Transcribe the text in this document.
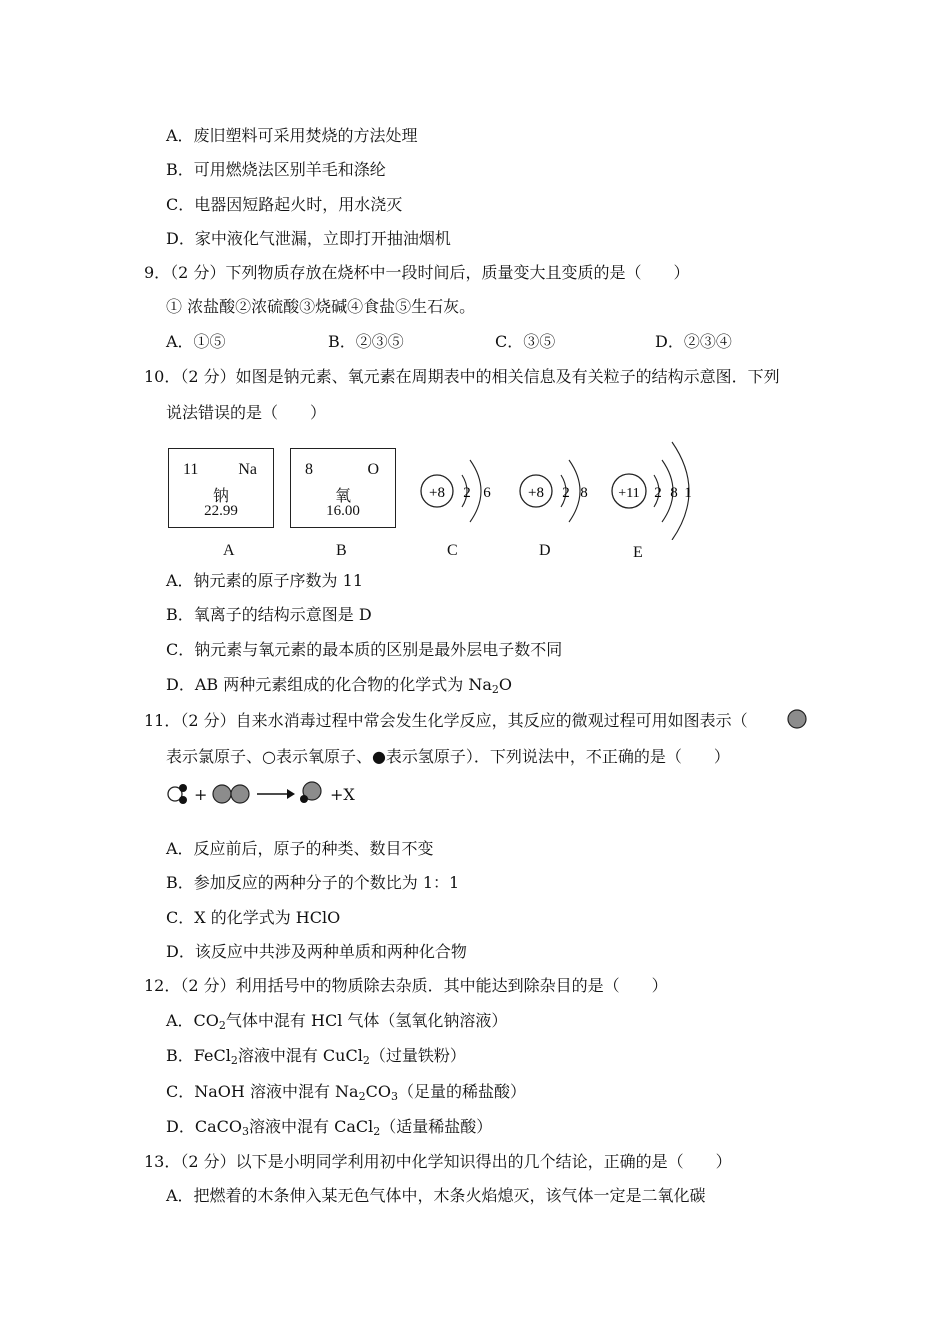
A．废旧塑料可采用焚烧的方法处理
B．可用燃烧法区别羊毛和涤纶
C．电器因短路起火时，用水浇灭
D．家中液化气泄漏，立即打开抽油烟机
9．（2 分）下列物质存放在烧杯中一段时间后，质量变大且变质的是（　　）
① 浓盐酸②浓硫酸③烧碱④食盐⑤生石灰。
A．①⑤	B．②③⑤	C．③⑤	D．②③④
10．（2 分）如图是钠元素、氧元素在周期表中的相关信息及有关粒子的结构示意图．下列
说法错误的是（　　）
11 Na
钠
22.99
A
8	O
氧
16.00
B
+8 2 6
C
+8 2 8
D
+11 2 8 1
E
A．钠元素的原子序数为 11
B．氧离子的结构示意图是 D
C．钠元素与氧元素的最本质的区别是最外层电子数不同
D．AB 两种元素组成的化合物的化学式为 $Na_2O$
11．（2 分）自来水消毒过程中常会发生化学反应，其反应的微观过程可用如图表示（
表示氯原子、○表示氧原子、●表示氢原子）．下列说法中，不正确的是（　　）
+	+X
A．反应前后，原子的种类、数目不变
B．参加反应的两种分子的个数比为 1：1
C．X 的化学式为 HClO
D．该反应中共涉及两种单质和两种化合物
12．（2 分）利用括号中的物质除去杂质．其中能达到除杂目的是（　　）
A．$CO_2$气体中混有 HCl 气体（氢氧化钠溶液）
B．FeCl$_2$溶液中混有 CuCl$_2$（过量铁粉）
C．NaOH 溶液中混有 $Na_2CO_3$（足量的稀盐酸）
D．CaCO$_3$溶液中混有 CaCl$_2$（适量稀盐酸）
13．（2 分）以下是小明同学利用初中化学知识得出的几个结论，正确的是（　　）
A．把燃着的木条伸入某无色气体中，木条火焰熄灭，该气体一定是二氧化碳
